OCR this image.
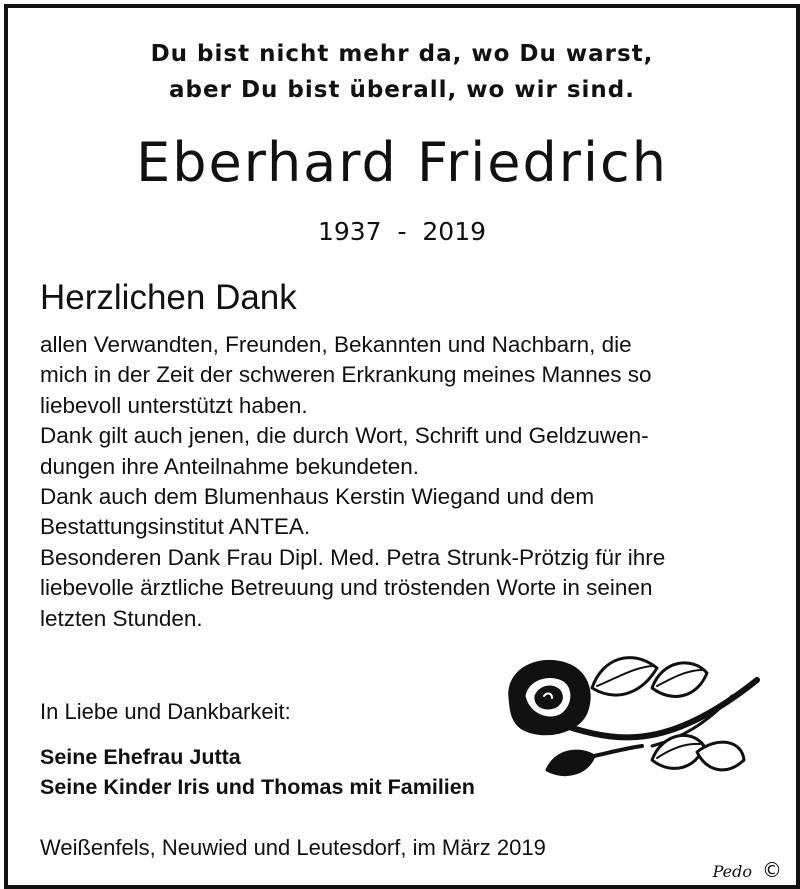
Du bist nicht mehr da, wo Du warst,
aber Du bist überall, wo wir sind.
Eberhard Friedrich
1937  -  2019
Herzlichen Dank
allen Verwandten, Freunden, Bekannten und Nachbarn, die
mich in der Zeit der schweren Erkrankung meines Mannes so
liebevoll unterstützt haben.
Dank gilt auch jenen, die durch Wort, Schrift und Geldzuwen-
dungen ihre Anteilnahme bekundeten.
Dank auch dem Blumenhaus Kerstin Wiegand und dem
Bestattungsinstitut ANTEA.
Besonderen Dank Frau Dipl. Med. Petra Strunk-Prötzig für ihre
liebevolle ärztliche Betreuung und tröstenden Worte in seinen
letzten Stunden.
In Liebe und Dankbarkeit:
Seine Ehefrau Jutta
Seine Kinder Iris und Thomas mit Familien
Weißenfels, Neuwied und Leutesdorf, im März 2019
Pedo ©
